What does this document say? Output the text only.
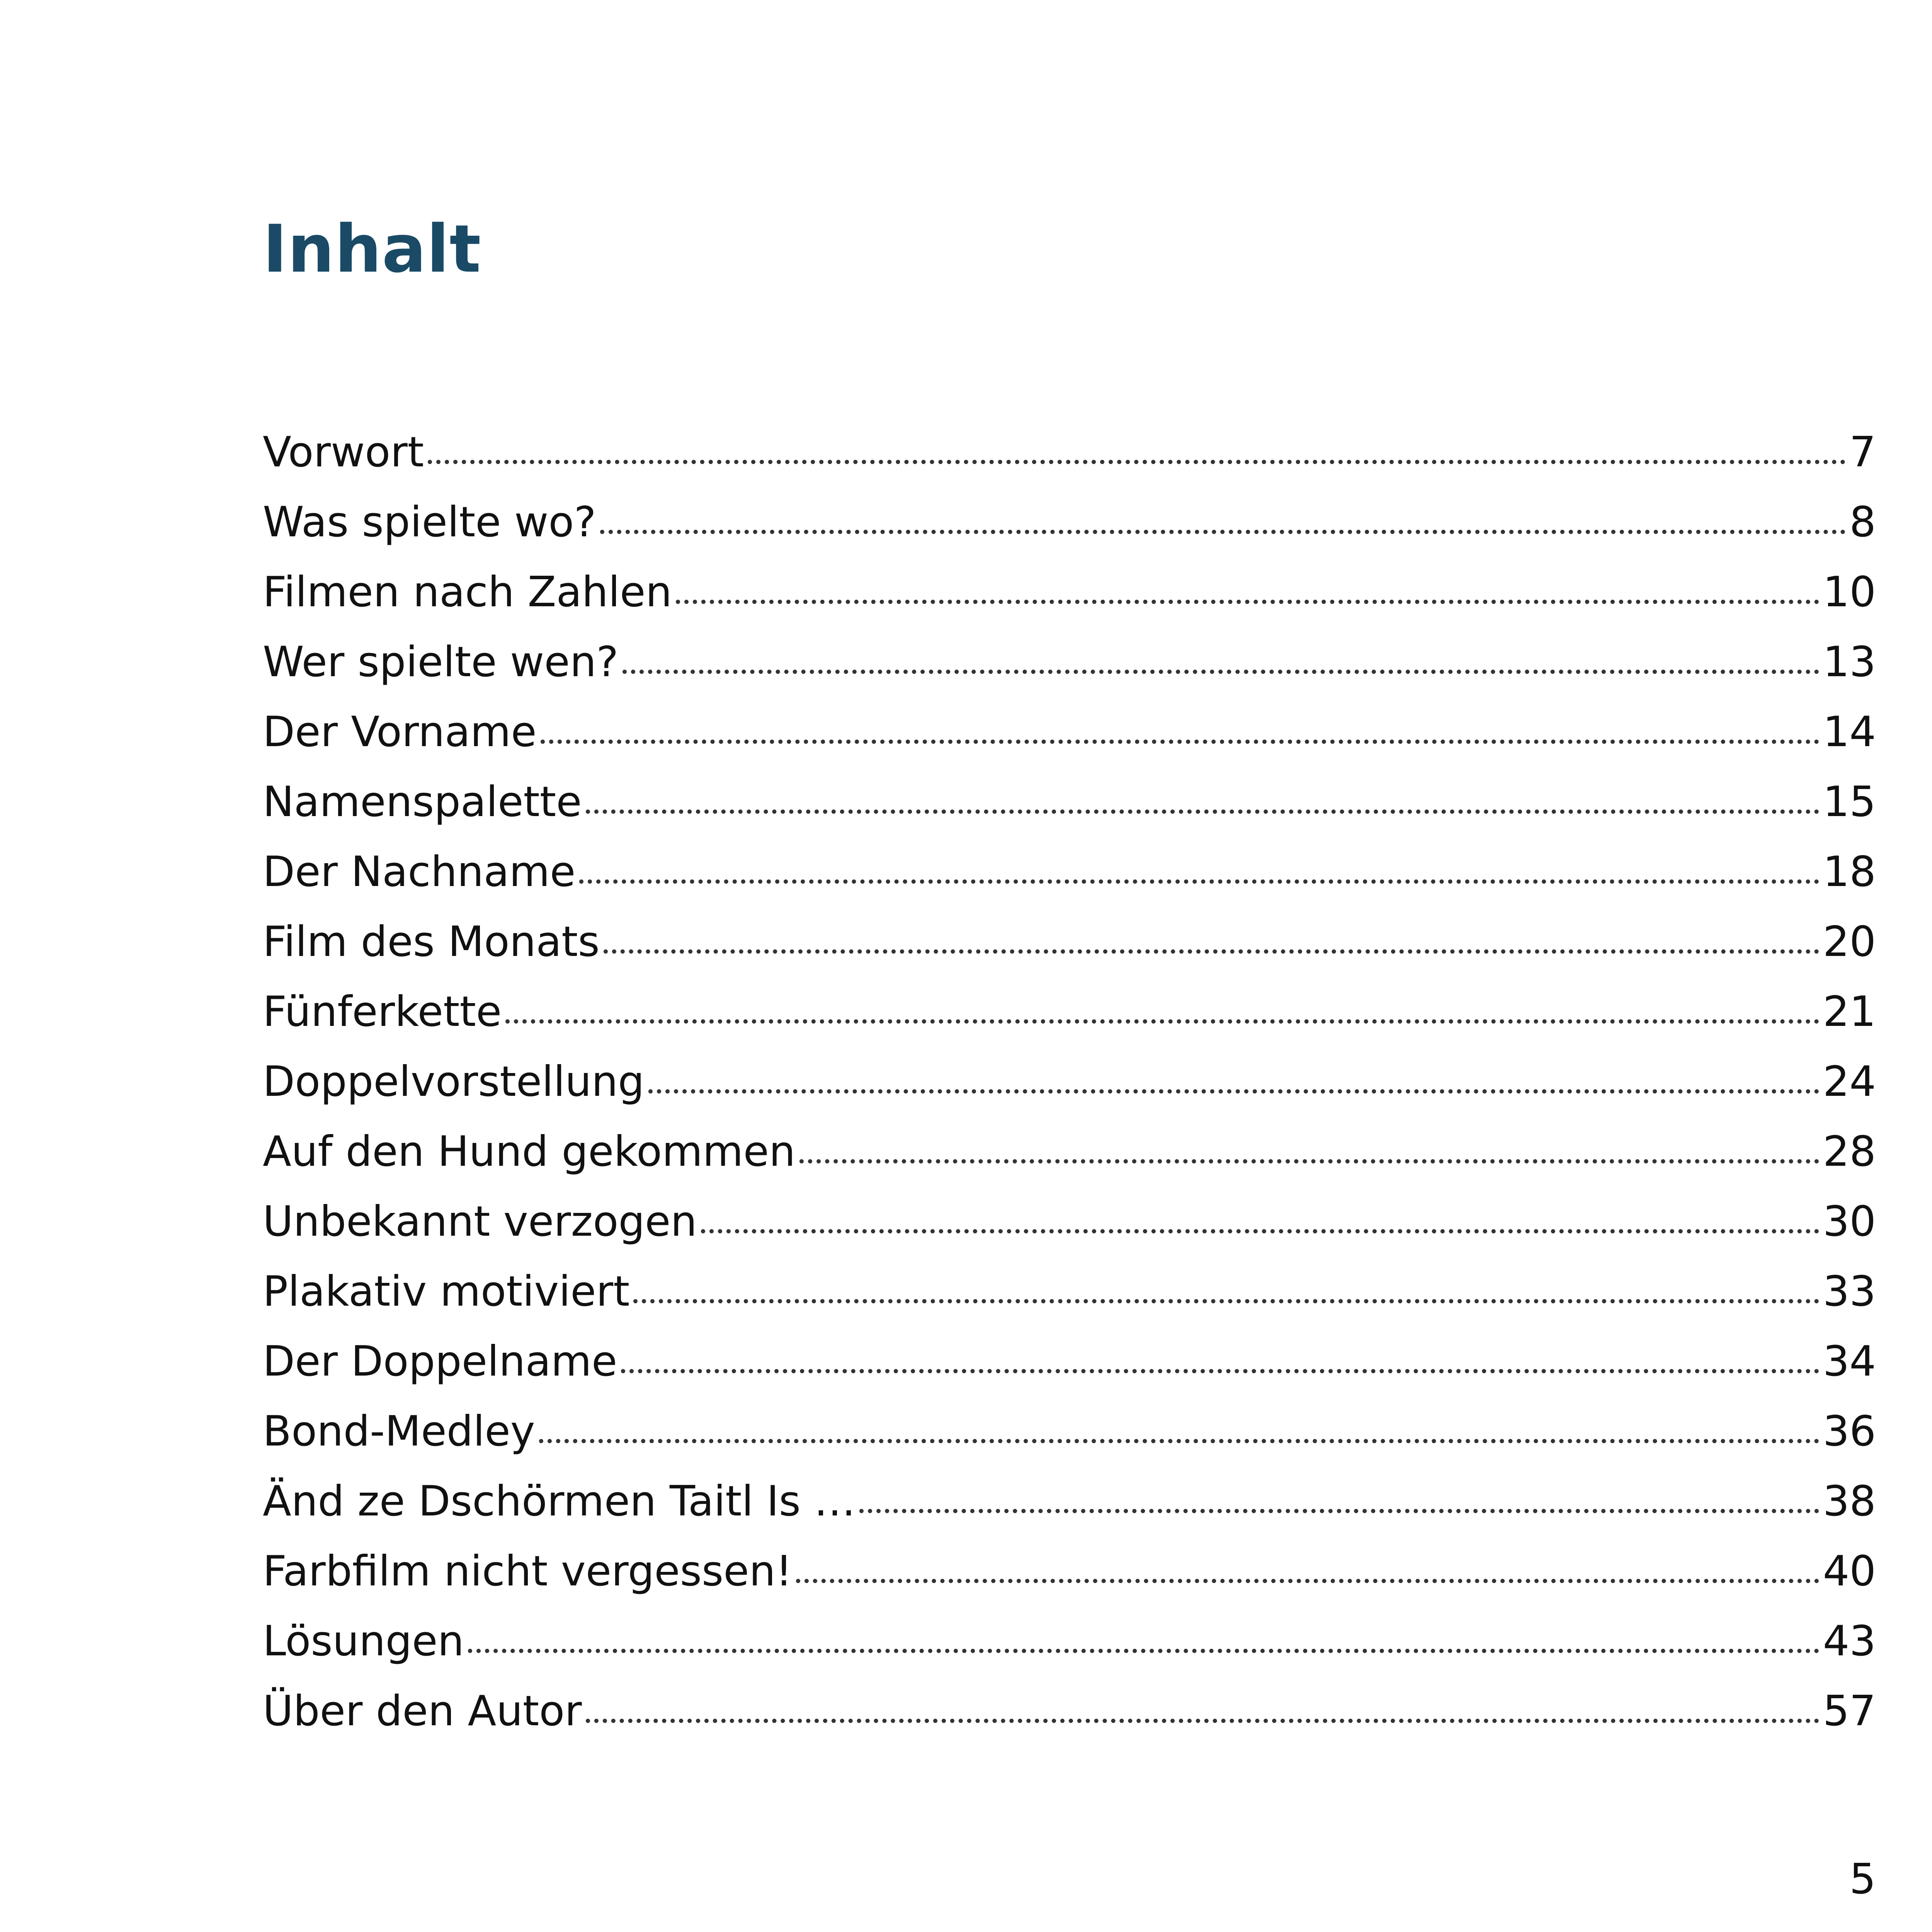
Inhalt
Vorwort	7
Was spielte wo?	8
Filmen nach Zahlen	10
Wer spielte wen?	13
Der Vorname	14
Namenspalette	15
Der Nachname	18
Film des Monats	20
Fünferkette	21
Doppelvorstellung	24
Auf den Hund gekommen	28
Unbekannt verzogen	30
Plakativ motiviert	33
Der Doppelname	34
Bond-Medley	36
Änd ze Dschörmen Taitl Is …	38
Farbfilm nicht vergessen!	40
Lösungen	43
Über den Autor	57
5
